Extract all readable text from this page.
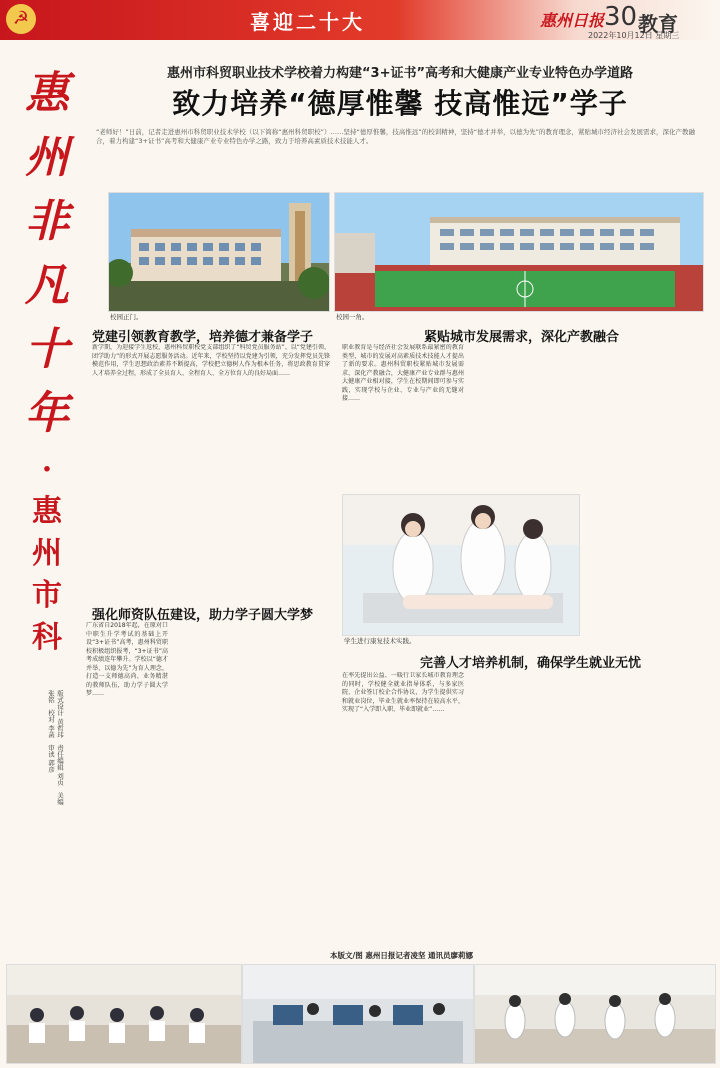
☭	喜迎二十大	惠州日报 30 教育
2022年10月12日 星期三
惠
州
非
凡
十
年
·
惠
州
市
科
惠州市科贸职业技术学校着力构建“3+证书”高考和大健康产业专业特色办学道路
致力培养“德厚惟馨 技高惟远”学子
“老师好！”日前，记者走进惠州市科贸职业技术学校（以下简称“惠州科贸职校”）……坚持“德厚惟馨，技高惟远”的校训精神，坚持“德才并举，以德为先”的教育理念，紧贴城市经济社会发展需求，深化产教融合，着力构建“3+证书”高考和大健康产业专业特色办学之路，致力于培养高素质技术技能人才。
校园正门。	校园一角。
党建引领教育教学，培养德才兼备学子
新学期，为迎接学生返校，惠州科贸职校党支部组织了“科贸党员服务站”、以“党建引领、团学助力”的形式开展志愿服务活动。近年来，学校坚持以党建为引领，充分发挥党员先锋模范作用，学生思想政治素养不断提高，学校把立德树人作为根本任务，将思政教育贯穿人才培养全过程，形成了全员育人、全程育人、全方位育人的良好局面……
紧贴城市发展需求，深化产教融合
职业教育是与经济社会发展联系最紧密的教育类型，城市的发展对高素质技术技能人才提出了新的要求。惠州科贸职校紧贴城市发展需求，深化产教融合，大健康产业专业群与惠州大健康产业相对接，学生在校期间即可参与实践，实现学校与企业、专业与产业的无缝对接……
学生进行康复技术实践。
强化师资队伍建设，助力学子圆大学梦
广东省自2018年起，在原对口中职生升学考试的基础上开设“3+证书”高考，惠州科贸职校积极组织报考，“3+证书”高考成绩连年攀升。学校以“德才并举、以德为先”为育人理念，打造一支师德高尚、业务精湛的教师队伍，助力学子圆大学梦……
完善人才培养机制，确保学生就业无忧
在率先提出公益、一暖行卫家长城市教育理念的同时，学校健全就业指导体系，与多家医院、企业签订校企合作协议，为学生提供实习和就业岗位，毕业生就业率保持在较高水平，实现了“入学即入职、毕业即就业”……
本版文/图 惠州日报记者凌坚 通讯员廖莉娜
版式设计 黄哲玮　责任编辑 刘贞　美编 张铭　校对 李菡　审读 郭彦
